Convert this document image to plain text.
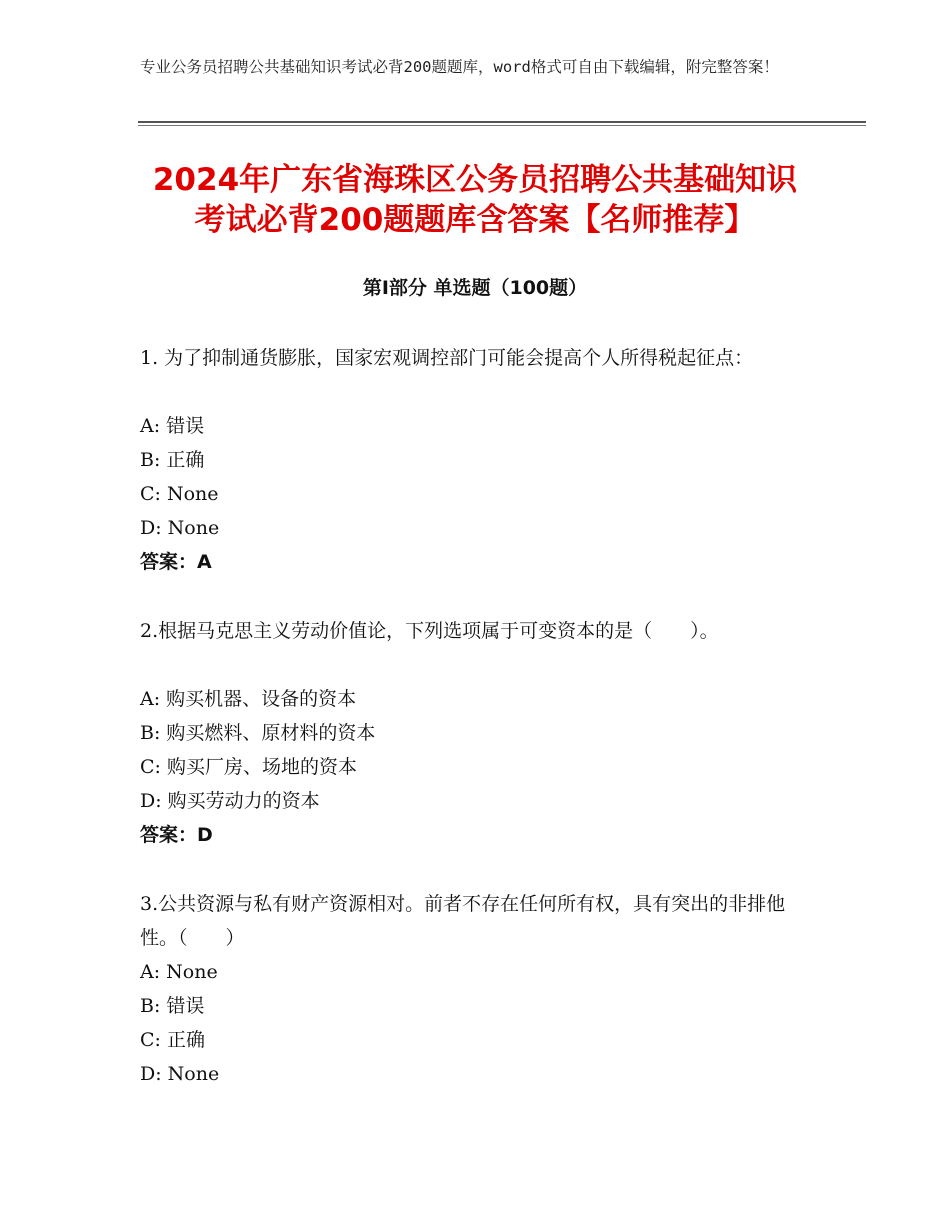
专业公务员招聘公共基础知识考试必背200题题库，word格式可自由下载编辑，附完整答案！
2024年广东省海珠区公务员招聘公共基础知识考试必背200题题库含答案【名师推荐】
第I部分 单选题（100题）
1. 为了抑制通货膨胀，国家宏观调控部门可能会提高个人所得税起征点：
A: 错误
B: 正确
C: None
D: None
答案：A
2.根据马克思主义劳动价值论，下列选项属于可变资本的是（　　）。
A: 购买机器、设备的资本
B: 购买燃料、原材料的资本
C: 购买厂房、场地的资本
D: 购买劳动力的资本
答案：D
3.公共资源与私有财产资源相对。前者不存在任何所有权，具有突出的非排他性。（　　）
A: None
B: 错误
C: 正确
D: None
